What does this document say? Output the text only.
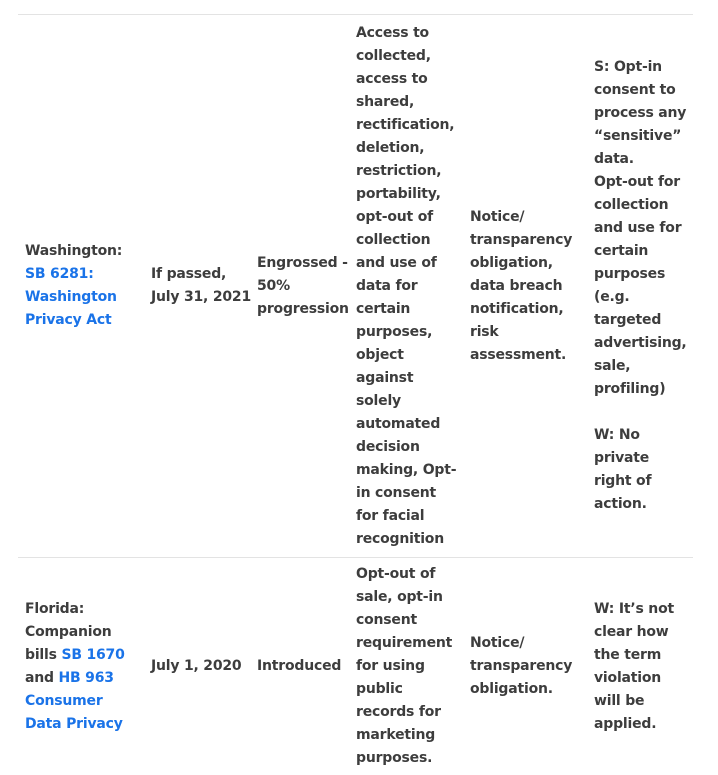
Washington: SB 6281: Washington Privacy Act
If passed, July 31, 2021
Engrossed - 50% progression
Access to collected, access to shared, rectification, deletion, restriction, portability, opt-out of collection and use of data for certain purposes, object against solely automated decision making, Opt-in consent for facial recognition
Notice/ transparency obligation, data breach notification, risk assessment.
S: Opt-in consent to process any “sensitive” data.
Opt-out for collection and use for certain purposes (e.g. targeted advertising, sale, profiling)

W: No private right of action.
Florida: Companion bills SB 1670 and HB 963 Consumer Data Privacy
July 1, 2020 Introduced
Opt-out of sale, opt-in consent requirement for using public records for marketing purposes.
Notice/ transparency obligation.
W: It’s not clear how the term violation will be applied.
